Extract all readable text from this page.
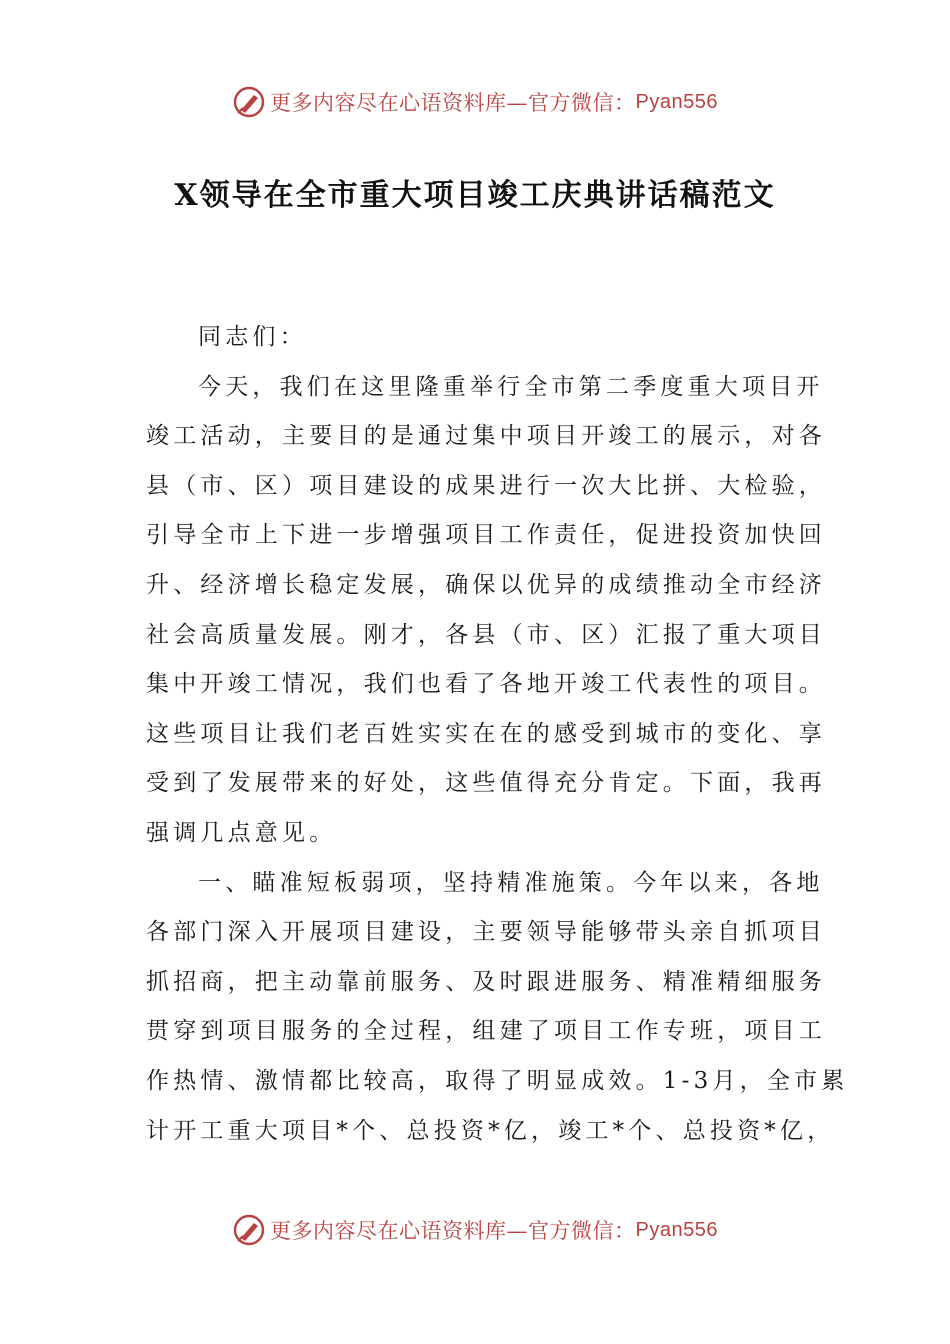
更多内容尽在心语资料库—官方微信： Pyan556
X领导在全市重大项目竣工庆典讲话稿范文

同志们：

今天，我们在这里隆重举行全市第二季度重大项目开

竣工活动，主要目的是通过集中项目开竣工的展示，对各
县（市、区）项目建设的成果进行一次大比拼、大检验，
引导全市上下进一步增强项目工作责任，促进投资加快回
升、经济增长稳定发展，确保以优异的成绩推动全市经济
社会高质量发展。刚才，各县（市、区）汇报了重大项目
集中开竣工情况，我们也看了各地开竣工代表性的项目。
这些项目让我们老百姓实实在在的感受到城市的变化、享
受到了发展带来的好处，这些值得充分肯定。下面，我再
强调几点意见。

一、瞄准短板弱项，坚持精准施策。今年以来，各地

各部门深入开展项目建设，主要领导能够带头亲自抓项目
抓招商，把主动靠前服务、及时跟进服务、精准精细服务
贯穿到项目服务的全过程，组建了项目工作专班，项目工
作热情、激情都比较高，取得了明显成效。1-3月，全市累
计开工重大项目*个、总投资*亿，竣工*个、总投资*亿，

更多内容尽在心语资料库—官方微信： Pyan556
